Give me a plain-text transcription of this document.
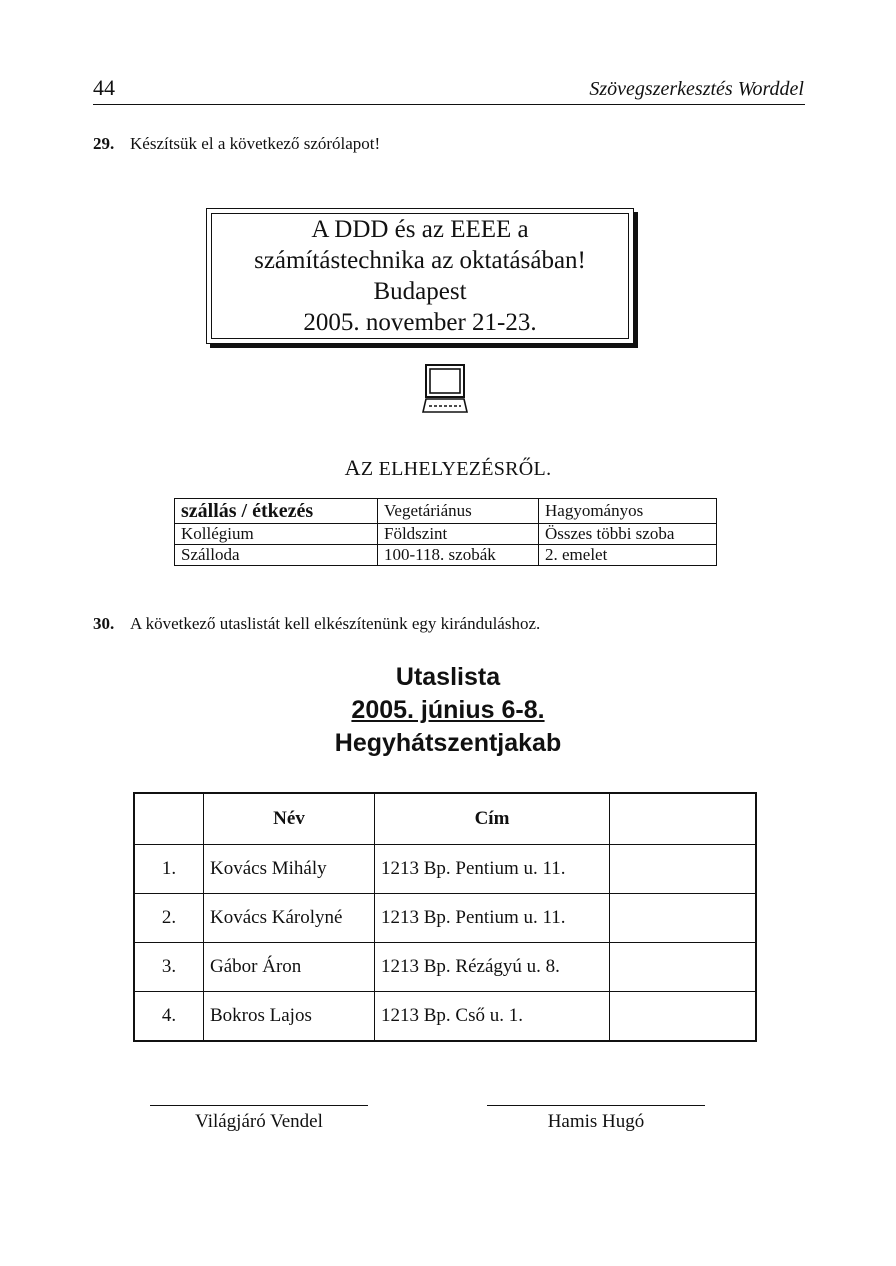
44	Szövegszerkesztés Worddel
29. Készítsük el a következő szórólapot!
A DDD és az EEEE a
számítástechnika az oktatásában!
Budapest
2005. november 21-23.
AZ ELHELYEZÉSRŐL.
szállás / étkezés	Vegetáriánus	Hagyományos
Kollégium	Földszint	Összes többi szoba
Szálloda	100-118. szobák	2. emelet
30. A következő utaslistát kell elkészítenünk egy kiránduláshoz.
Utaslista
2005. június 6-8.
Hegyhátszentjakab
	Név	Cím	
1.	Kovács Mihály	1213 Bp. Pentium u. 11.	
2.	Kovács Károlyné	1213 Bp. Pentium u. 11.	
3.	Gábor Áron	1213 Bp. Rézágyú u. 8.	
4.	Bokros Lajos	1213 Bp. Cső u. 1.	
Világjáró Vendel	Hamis Hugó
